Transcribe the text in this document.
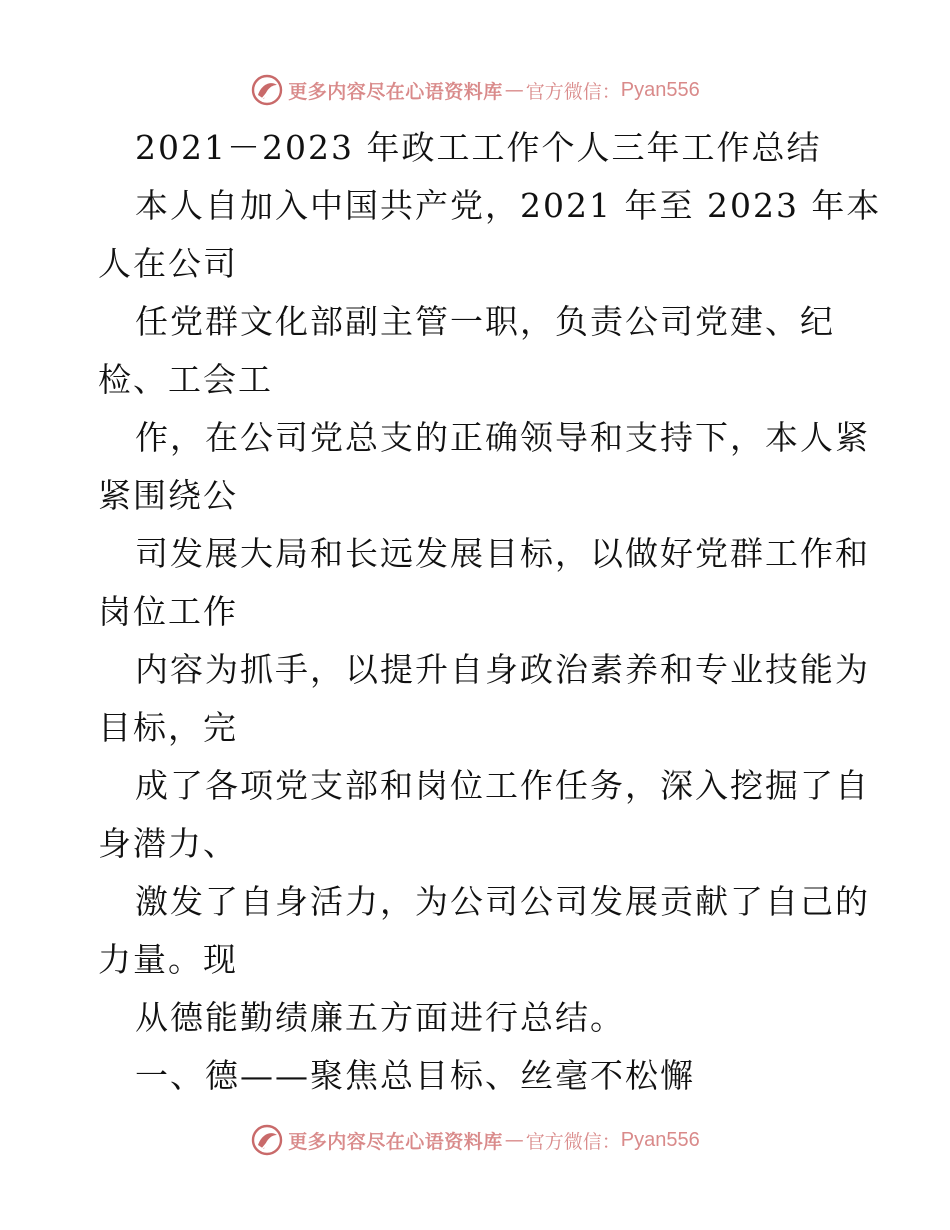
更多内容尽在心语资料库 — 官方微信： Pyan556
2021－2023 年政工工作个人三年工作总结
本人自加入中国共产党，2021 年至 2023 年本
人在公司
任党群文化部副主管一职，负责公司党建、纪
检、工会工
作，在公司党总支的正确领导和支持下，本人紧
紧围绕公
司发展大局和长远发展目标，以做好党群工作和
岗位工作
内容为抓手，以提升自身政治素养和专业技能为
目标，完
成了各项党支部和岗位工作任务，深入挖掘了自
身潜力、
激发了自身活力，为公司公司发展贡献了自己的
力量。现
从德能勤绩廉五方面进行总结。
一、德——聚焦总目标、丝毫不松懈
更多内容尽在心语资料库 — 官方微信： Pyan556
